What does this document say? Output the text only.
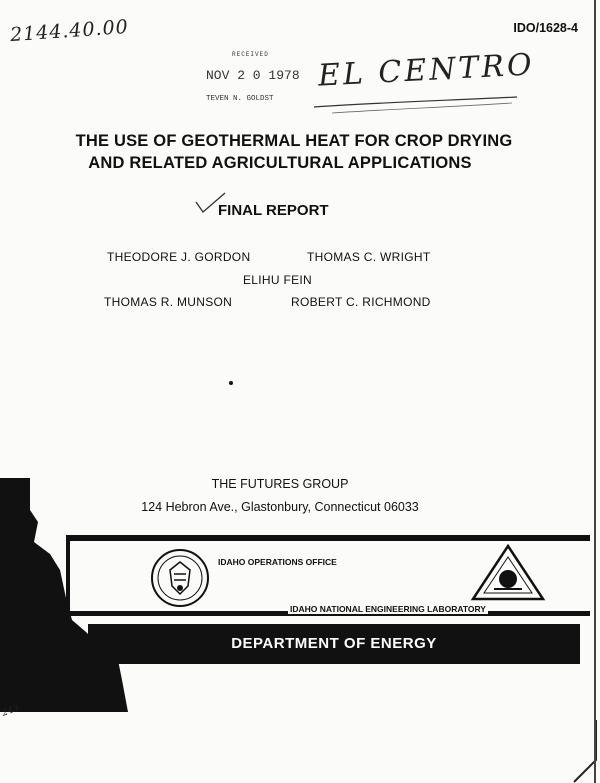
2144.40.00	IDO/1628-4
RECEIVED
NOV 2 0 1978
TEVEN N. GOLDST
EL CENTRO
THE USE OF GEOTHERMAL HEAT FOR CROP DRYING
AND RELATED AGRICULTURAL APPLICATIONS
FINAL REPORT
THEODORE J. GORDON	THOMAS C. WRIGHT
ELIHU FEIN
THOMAS R. MUNSON	ROBERT C. RICHMOND
THE FUTURES GROUP
124 Hebron Ave., Glastonbury, Connecticut 06033
IDAHO OPERATIONS OFFICE
IDAHO NATIONAL ENGINEERING LABORATORY
DEPARTMENT OF ENERGY
243
